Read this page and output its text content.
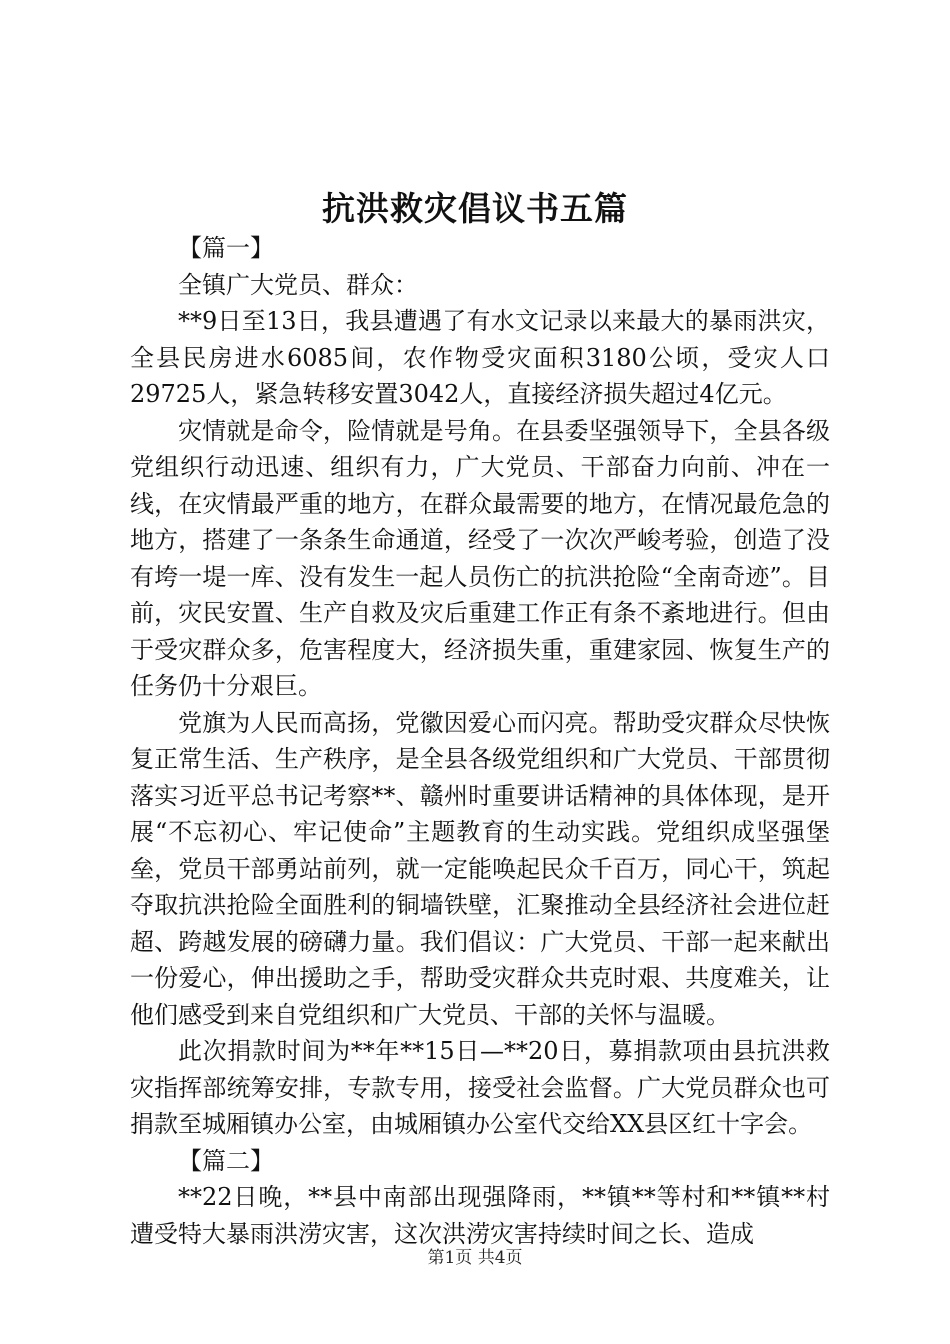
抗洪救灾倡议书五篇

【篇一】

全镇广大党员、群众：

**9日至13日，我县遭遇了有水文记录以来最大的暴雨洪灾，全县民房进水6085间，农作物受灾面积3180公顷，受灾人口29725人，紧急转移安置3042人，直接经济损失超过4亿元。

灾情就是命令，险情就是号角。在县委坚强领导下，全县各级党组织行动迅速、组织有力，广大党员、干部奋力向前、冲在一线，在灾情最严重的地方，在群众最需要的地方，在情况最危急的地方，搭建了一条条生命通道，经受了一次次严峻考验，创造了没有垮一堤一库、没有发生一起人员伤亡的抗洪抢险“全南奇迹”。目前，灾民安置、生产自救及灾后重建工作正有条不紊地进行。但由于受灾群众多，危害程度大，经济损失重，重建家园、恢复生产的任务仍十分艰巨。

党旗为人民而高扬，党徽因爱心而闪亮。帮助受灾群众尽快恢复正常生活、生产秩序，是全县各级党组织和广大党员、干部贯彻落实习近平总书记考察**、赣州时重要讲话精神的具体体现，是开展“不忘初心、牢记使命”主题教育的生动实践。党组织成坚强堡垒，党员干部勇站前列，就一定能唤起民众千百万，同心干，筑起夺取抗洪抢险全面胜利的铜墙铁壁，汇聚推动全县经济社会进位赶超、跨越发展的磅礴力量。我们倡议：广大党员、干部一起来献出一份爱心，伸出援助之手，帮助受灾群众共克时艰、共度难关，让他们感受到来自党组织和广大党员、干部的关怀与温暖。

此次捐款时间为**年**15日—**20日，募捐款项由县抗洪救灾指挥部统筹安排，专款专用，接受社会监督。广大党员群众也可捐款至城厢镇办公室，由城厢镇办公室代交给XX县区红十字会。

【篇二】

**22日晚，**县中南部出现强降雨，**镇**等村和**镇**村遭受特大暴雨洪涝灾害，这次洪涝灾害持续时间之长、造成

第1页 共4页
